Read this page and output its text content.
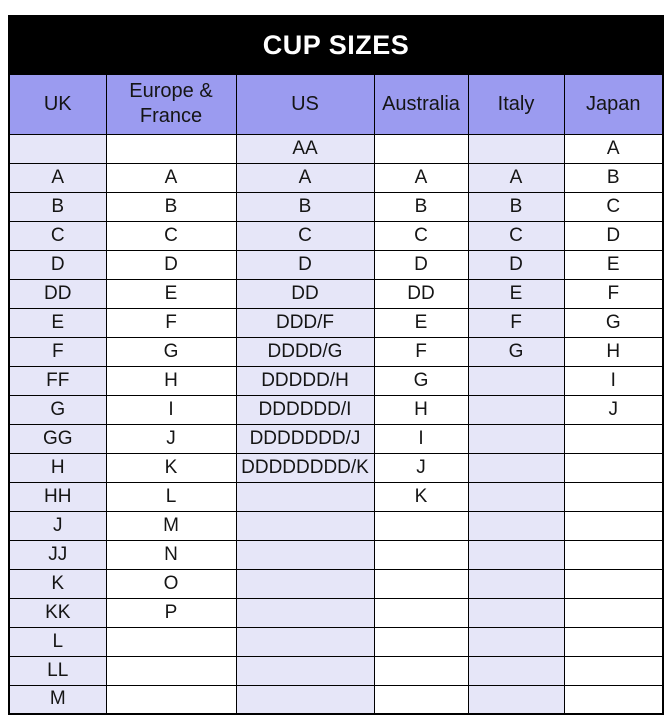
CUP SIZES					
UK	Europe & France	US	Australia	Italy	Japan
		AA			A
A	A	A	A	A	B
B	B	B	B	B	C
C	C	C	C	C	D
D	D	D	D	D	E
DD	E	DD	DD	E	F
E	F	DDD/F	E	F	G
F	G	DDDD/G	F	G	H
FF	H	DDDDD/H	G		I
G	I	DDDDDD/I	H		J
GG	J	DDDDDDD/J	I		
H	K	DDDDDDDD/K	J		
HH	L		K		
J	M				
JJ	N				
K	O				
KK	P				
L					
LL					
M					
